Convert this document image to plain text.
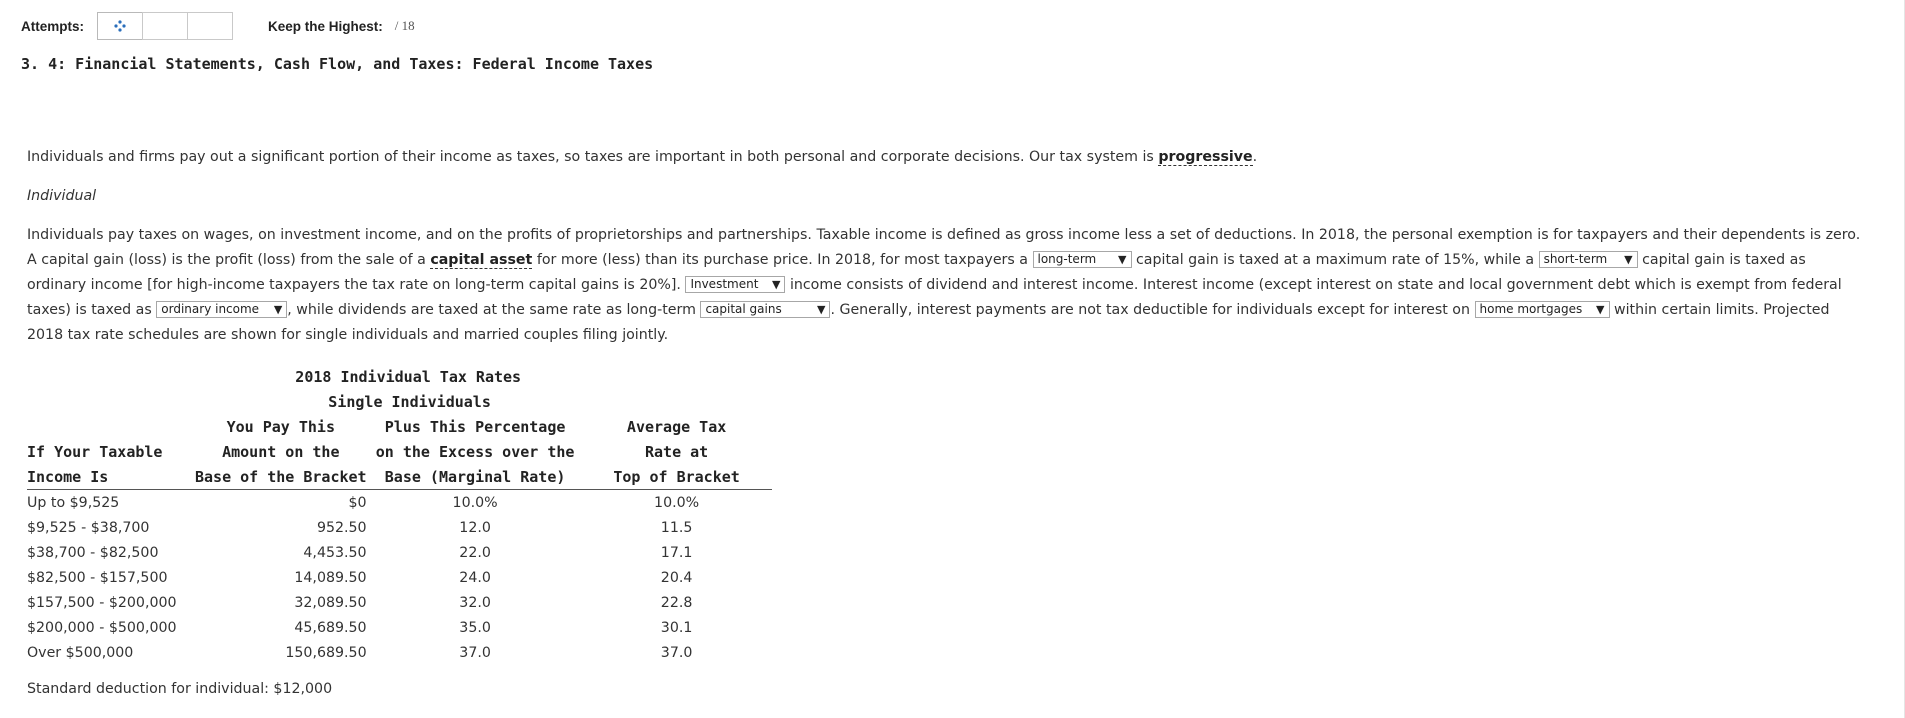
Attempts:	Keep the Highest: / 18
3. 4: Financial Statements, Cash Flow, and Taxes: Federal Income Taxes

Individuals and firms pay out a significant portion of their income as taxes, so taxes are important in both personal and corporate decisions. Our tax system is progressive.

Individual

Individuals pay taxes on wages, on investment income, and on the profits of proprietorships and partnerships. Taxable income is defined as gross income less a set of deductions. In 2018, the personal exemption is for taxpayers and their dependents is zero. A capital gain (loss) is the profit (loss) from the sale of a capital asset for more (less) than its purchase price. In 2018, for most taxpayers a long-term ▼ capital gain is taxed at a maximum rate of 15%, while a short-term ▼ capital gain is taxed as ordinary income [for high-income taxpayers the tax rate on long-term capital gains is 20%]. Investment ▼ income consists of dividend and interest income. Interest income (except interest on state and local government debt which is exempt from federal taxes) is taxed as ordinary income ▼ , while dividends are taxed at the same rate as long-term capital gains	▼ . Generally, interest payments are not tax deductible for individuals except for interest on home mortgages ▼ within certain limits. Projected 2018 tax rate schedules are shown for single individuals and married couples filing jointly.

2018 Individual Tax Rates			
Single Individuals			
	You Pay This	Plus This Percentage	Average Tax
If Your Taxable	Amount on the	on the Excess over the	Rate at
Income Is	Base of the Bracket	Base (Marginal Rate)	Top of Bracket
Up to $9,525	$0	10.0%	10.0%
$9,525 - $38,700	952.50	12.0	11.5
$38,700 - $82,500	4,453.50	22.0	17.1
$82,500 - $157,500	14,089.50	24.0	20.4
$157,500 - $200,000	32,089.50	32.0	22.8
$200,000 - $500,000	45,689.50	35.0	30.1
Over $500,000	150,689.50	37.0	37.0
Standard deduction for individual: $12,000
